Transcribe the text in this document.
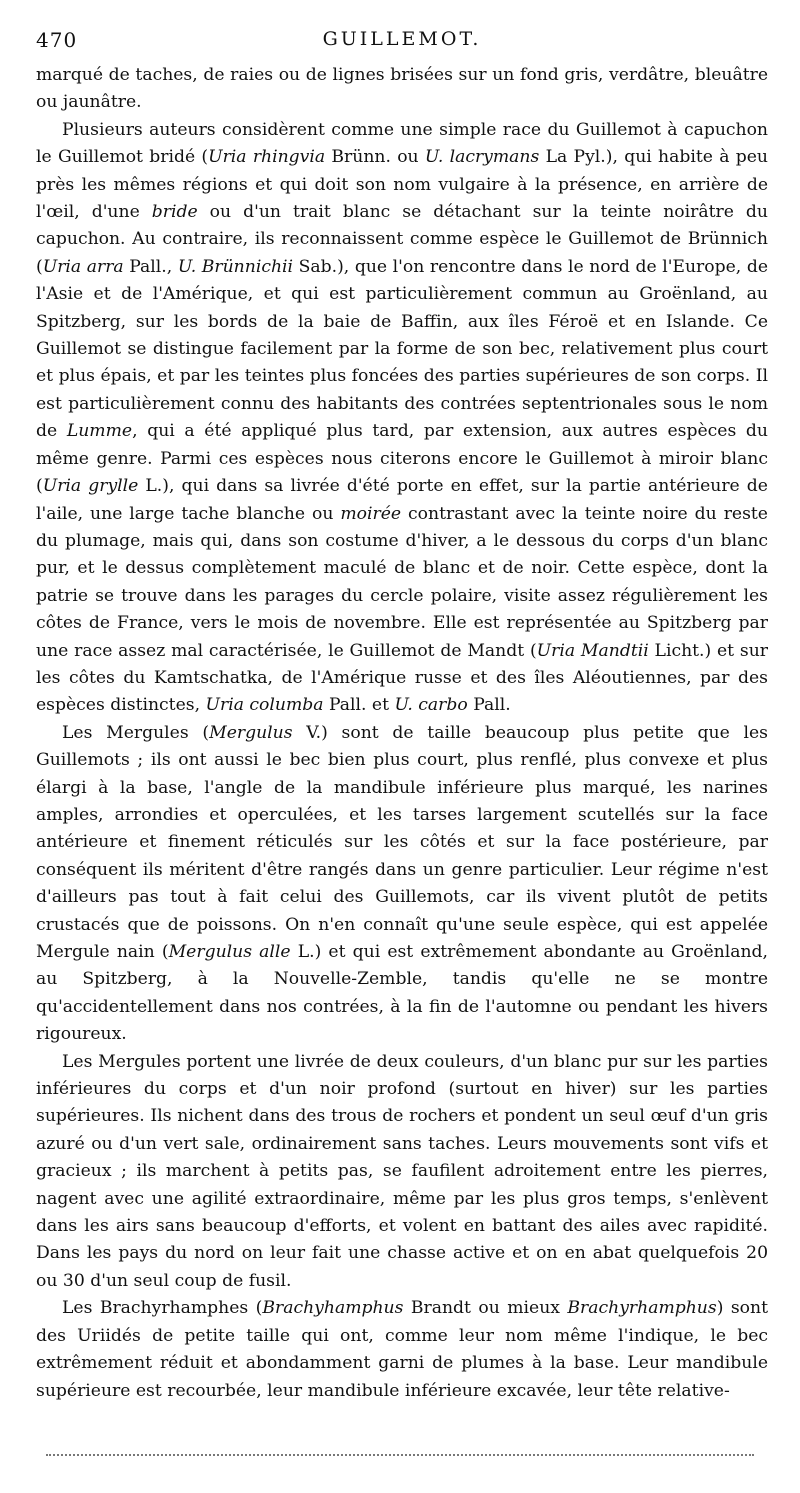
470	GUILLEMOT.

marqué de taches, de raies ou de lignes brisées sur un fond gris, verdâtre, bleuâtre ou jaunâtre.

Plusieurs auteurs considèrent comme une simple race du Guillemot à capuchon le Guillemot bridé (Uria rhingvia Brünn. ou U. lacrymans La Pyl.), qui habite à peu près les mêmes régions et qui doit son nom vulgaire à la présence, en arrière de l'œil, d'une bride ou d'un trait blanc se détachant sur la teinte noirâtre du capuchon. Au contraire, ils reconnaissent comme espèce le Guillemot de Brünnich (Uria arra Pall., U. Brünnichii Sab.), que l'on rencontre dans le nord de l'Europe, de l'Asie et de l'Amérique, et qui est particulièrement commun au Groënland, au Spitzberg, sur les bords de la baie de Baffin, aux îles Féroë et en Islande. Ce Guillemot se distingue facilement par la forme de son bec, relativement plus court et plus épais, et par les teintes plus foncées des parties supérieures de son corps. Il est particulièrement connu des habitants des contrées septentrionales sous le nom de Lumme, qui a été appliqué plus tard, par extension, aux autres espèces du même genre. Parmi ces espèces nous citerons encore le Guillemot à miroir blanc (Uria grylle L.), qui dans sa livrée d'été porte en effet, sur la partie antérieure de l'aile, une large tache blanche ou moirée contrastant avec la teinte noire du reste du plumage, mais qui, dans son costume d'hiver, a le dessous du corps d'un blanc pur, et le dessus complètement maculé de blanc et de noir. Cette espèce, dont la patrie se trouve dans les parages du cercle polaire, visite assez régulièrement les côtes de France, vers le mois de novembre. Elle est représentée au Spitzberg par une race assez mal caractérisée, le Guillemot de Mandt (Uria Mandtii Licht.) et sur les côtes du Kamtschatka, de l'Amérique russe et des îles Aléoutiennes, par des espèces distinctes, Uria columba Pall. et U. carbo Pall.

Les Mergules (Mergulus V.) sont de taille beaucoup plus petite que les Guillemots ; ils ont aussi le bec bien plus court, plus renflé, plus convexe et plus élargi à la base, l'angle de la mandibule inférieure plus marqué, les narines amples, arrondies et operculées, et les tarses largement scutellés sur la face antérieure et finement réticulés sur les côtés et sur la face postérieure, par conséquent ils méritent d'être rangés dans un genre particulier. Leur régime n'est d'ailleurs pas tout à fait celui des Guillemots, car ils vivent plutôt de petits crustacés que de poissons. On n'en connaît qu'une seule espèce, qui est appelée Mergule nain (Mergulus alle L.) et qui est extrêmement abondante au Groënland, au Spitzberg, à la Nouvelle-Zemble, tandis qu'elle ne se montre qu'accidentellement dans nos contrées, à la fin de l'automne ou pendant les hivers rigoureux.

Les Mergules portent une livrée de deux couleurs, d'un blanc pur sur les parties inférieures du corps et d'un noir profond (surtout en hiver) sur les parties supérieures. Ils nichent dans des trous de rochers et pondent un seul œuf d'un gris azuré ou d'un vert sale, ordinairement sans taches. Leurs mouvements sont vifs et gracieux ; ils marchent à petits pas, se faufilent adroitement entre les pierres, nagent avec une agilité extraordinaire, même par les plus gros temps, s'enlèvent dans les airs sans beaucoup d'efforts, et volent en battant des ailes avec rapidité. Dans les pays du nord on leur fait une chasse active et on en abat quelquefois 20 ou 30 d'un seul coup de fusil.

Les Brachyrhamphes (Brachyhamphus Brandt ou mieux Brachyrhamphus) sont des Uriidés de petite taille qui ont, comme leur nom même l'indique, le bec extrêmement réduit et abondamment garni de plumes à la base. Leur mandibule supérieure est recourbée, leur mandibule inférieure excavée, leur tête relative-
